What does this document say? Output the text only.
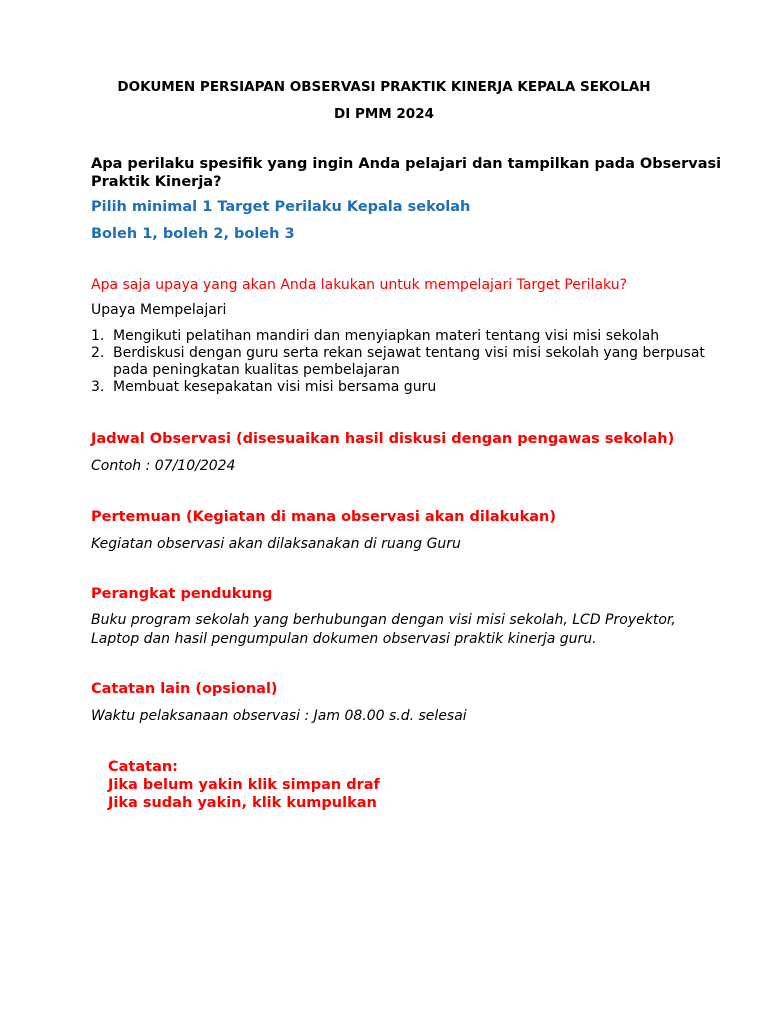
DOKUMEN PERSIAPAN OBSERVASI PRAKTIK KINERJA KEPALA SEKOLAH
DI PMM 2024
Apa perilaku spesifik yang ingin Anda pelajari dan tampilkan pada Observasi
Praktik Kinerja?
Pilih minimal 1 Target Perilaku Kepala sekolah
Boleh 1, boleh 2, boleh 3
Apa saja upaya yang akan Anda lakukan untuk mempelajari Target Perilaku?
Upaya Mempelajari
1. Mengikuti pelatihan mandiri dan menyiapkan materi tentang visi misi sekolah
2. Berdiskusi dengan guru serta rekan sejawat tentang visi misi sekolah yang berpusat
pada peningkatan kualitas pembelajaran
3. Membuat kesepakatan visi misi bersama guru
Jadwal Observasi (disesuaikan hasil diskusi dengan pengawas sekolah)
Contoh : 07/10/2024
Pertemuan (Kegiatan di mana observasi akan dilakukan)
Kegiatan observasi akan dilaksanakan di ruang Guru
Perangkat pendukung
Buku program sekolah yang berhubungan dengan visi misi sekolah, LCD Proyektor,
Laptop dan hasil pengumpulan dokumen observasi praktik kinerja guru.
Catatan lain (opsional)
Waktu pelaksanaan observasi : Jam 08.00 s.d. selesai
Catatan:
Jika belum yakin klik simpan draf
Jika sudah yakin, klik kumpulkan
